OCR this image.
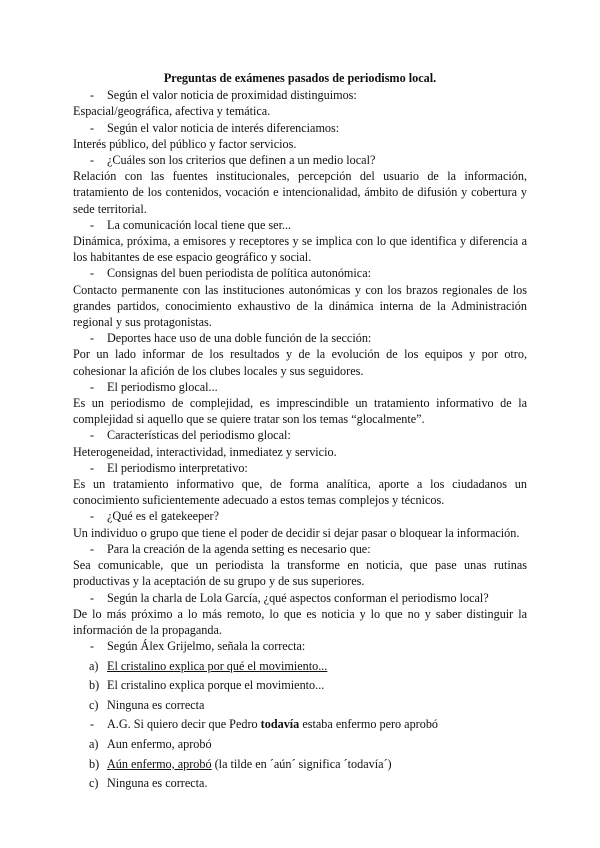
Preguntas de exámenes pasados de periodismo local.
- Según el valor noticia de proximidad distinguimos:
Espacial/geográfica, afectiva y temática.
- Según el valor noticia de interés diferenciamos:
Interés público, del público y factor servicios.
- ¿Cuáles son los criterios que definen a un medio local?
Relación con las fuentes institucionales, percepción del usuario de la información, tratamiento de los contenidos, vocación e intencionalidad, ámbito de difusión y cobertura y sede territorial.
- La comunicación local tiene que ser...
Dinámica, próxima, a emisores y receptores y se implica con lo que identifica y diferencia a los habitantes de ese espacio geográfico y social.
- Consignas del buen periodista de política autonómica:
Contacto permanente con las instituciones autonómicas y con los brazos regionales de los grandes partidos, conocimiento exhaustivo de la dinámica interna de la Administración regional y sus protagonistas.
- Deportes hace uso de una doble función de la sección:
Por un lado informar de los resultados y de la evolución de los equipos y por otro, cohesionar la afición de los clubes locales y sus seguidores.
- El periodismo glocal...
Es un periodismo de complejidad, es imprescindible un tratamiento informativo de la complejidad si aquello que se quiere tratar son los temas “glocalmente”.
- Características del periodismo glocal:
Heterogeneidad, interactividad, inmediatez y servicio.
- El periodismo interpretativo:
Es un tratamiento informativo que, de forma analítica, aporte a los ciudadanos un conocimiento suficientemente adecuado a estos temas complejos y técnicos.
- ¿Qué es el gatekeeper?
Un individuo o grupo que tiene el poder de decidir si dejar pasar o bloquear la información.
- Para la creación de la agenda setting es necesario que:
Sea comunicable, que un periodista la transforme en noticia, que pase unas rutinas productivas y la aceptación de su grupo y de sus superiores.
- Según la charla de Lola García, ¿qué aspectos conforman el periodismo local?
De lo más próximo a lo más remoto, lo que es noticia y lo que no y saber distinguir la información de la propaganda.
- Según Álex Grijelmo, señala la correcta:
a) El cristalino explica por qué el movimiento...
b) El cristalino explica porque el movimiento...
c) Ninguna es correcta
- A.G. Si quiero decir que Pedro todavía estaba enfermo pero aprobó
a) Aun enfermo, aprobó
b) Aún enfermo, aprobó (la tilde en ´aún´ significa ´todavía´)
c) Ninguna es correcta.
